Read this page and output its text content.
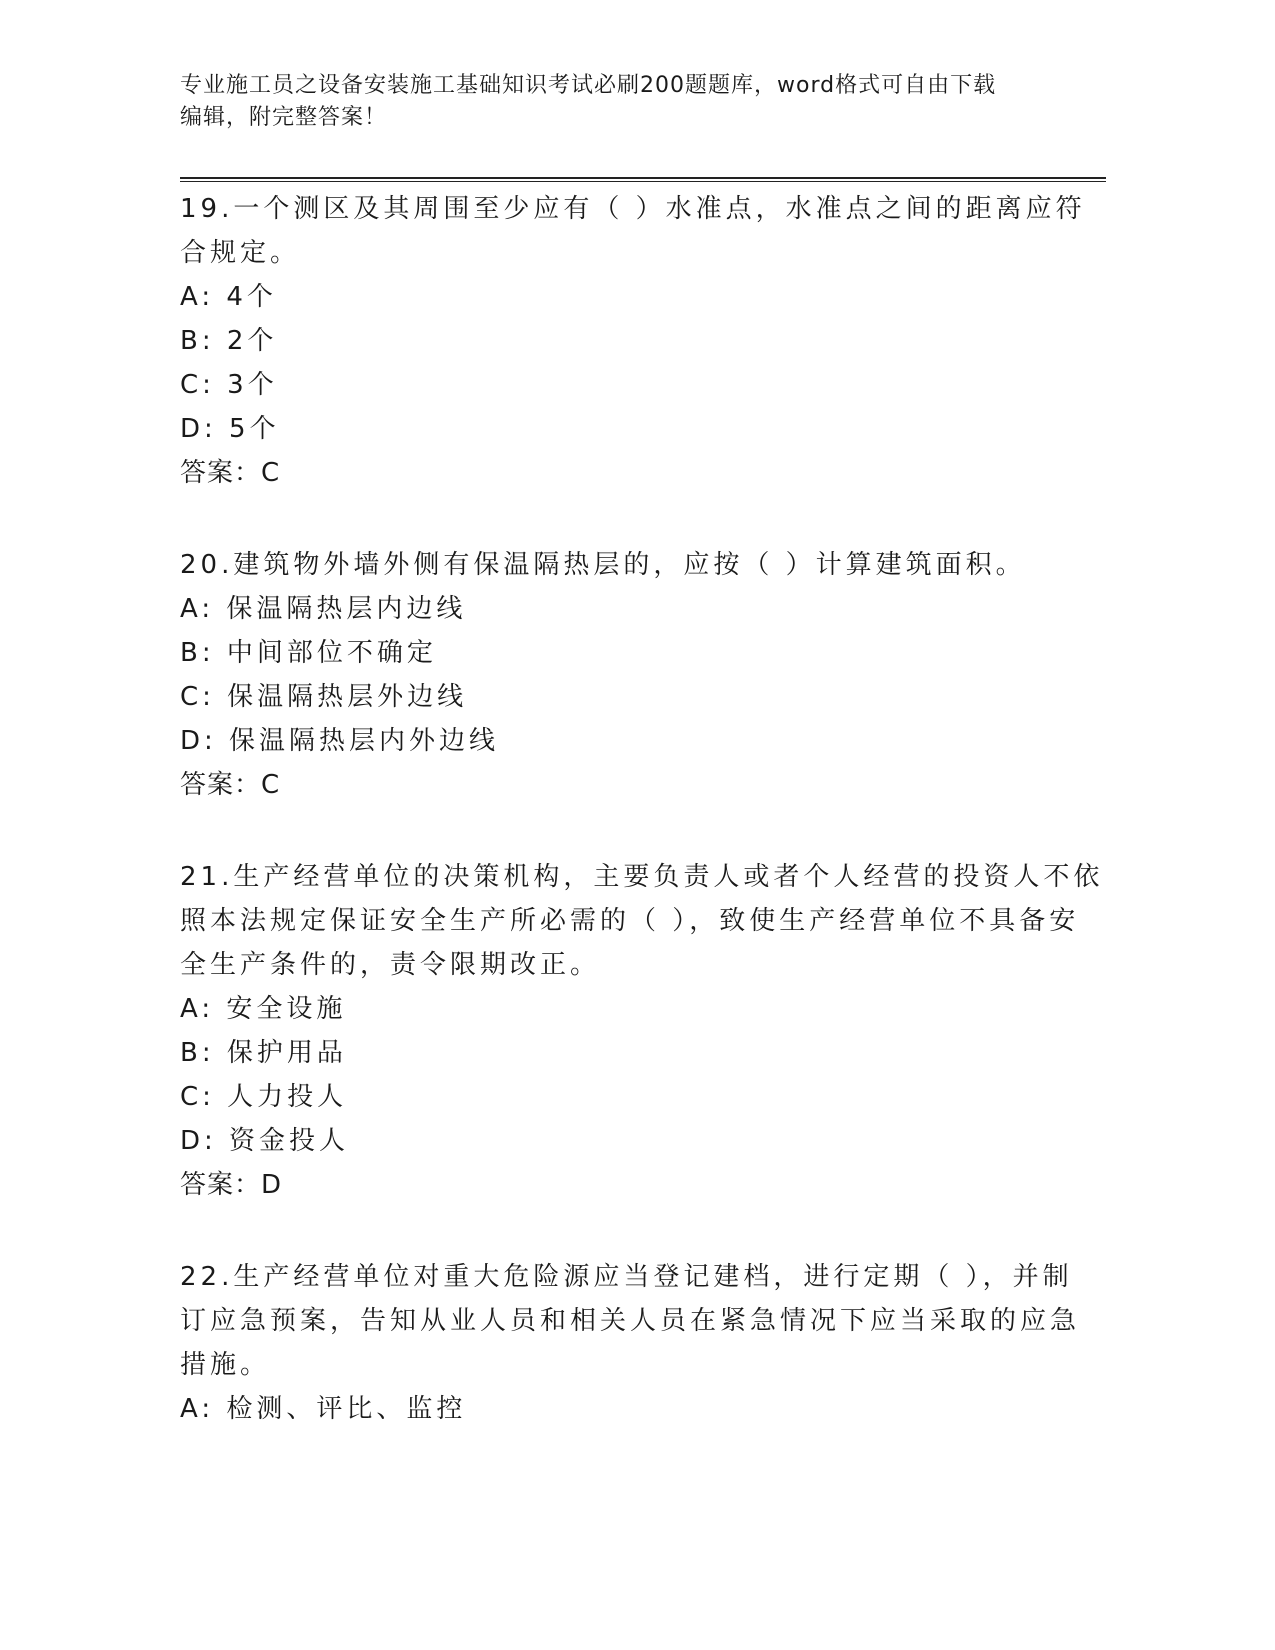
专业施工员之设备安装施工基础知识考试必刷200题题库，word格式可自由下载
编辑，附完整答案！
19.一个测区及其周围至少应有（ ）水准点，水准点之间的距离应符
合规定。
A: 4个
B: 2个
C: 3个
D: 5个
答案：C
20.建筑物外墙外侧有保温隔热层的，应按（ ）计算建筑面积。
A: 保温隔热层内边线
B: 中间部位不确定
C: 保温隔热层外边线
D: 保温隔热层内外边线
答案：C
21.生产经营单位的决策机构，主要负责人或者个人经营的投资人不依
照本法规定保证安全生产所必需的（ ），致使生产经营单位不具备安
全生产条件的，责令限期改正。
A: 安全设施
B: 保护用品
C: 人力投人
D: 资金投人
答案：D
22.生产经营单位对重大危险源应当登记建档，进行定期（ ），并制
订应急预案，告知从业人员和相关人员在紧急情况下应当采取的应急
措施。
A: 检测、评比、监控
